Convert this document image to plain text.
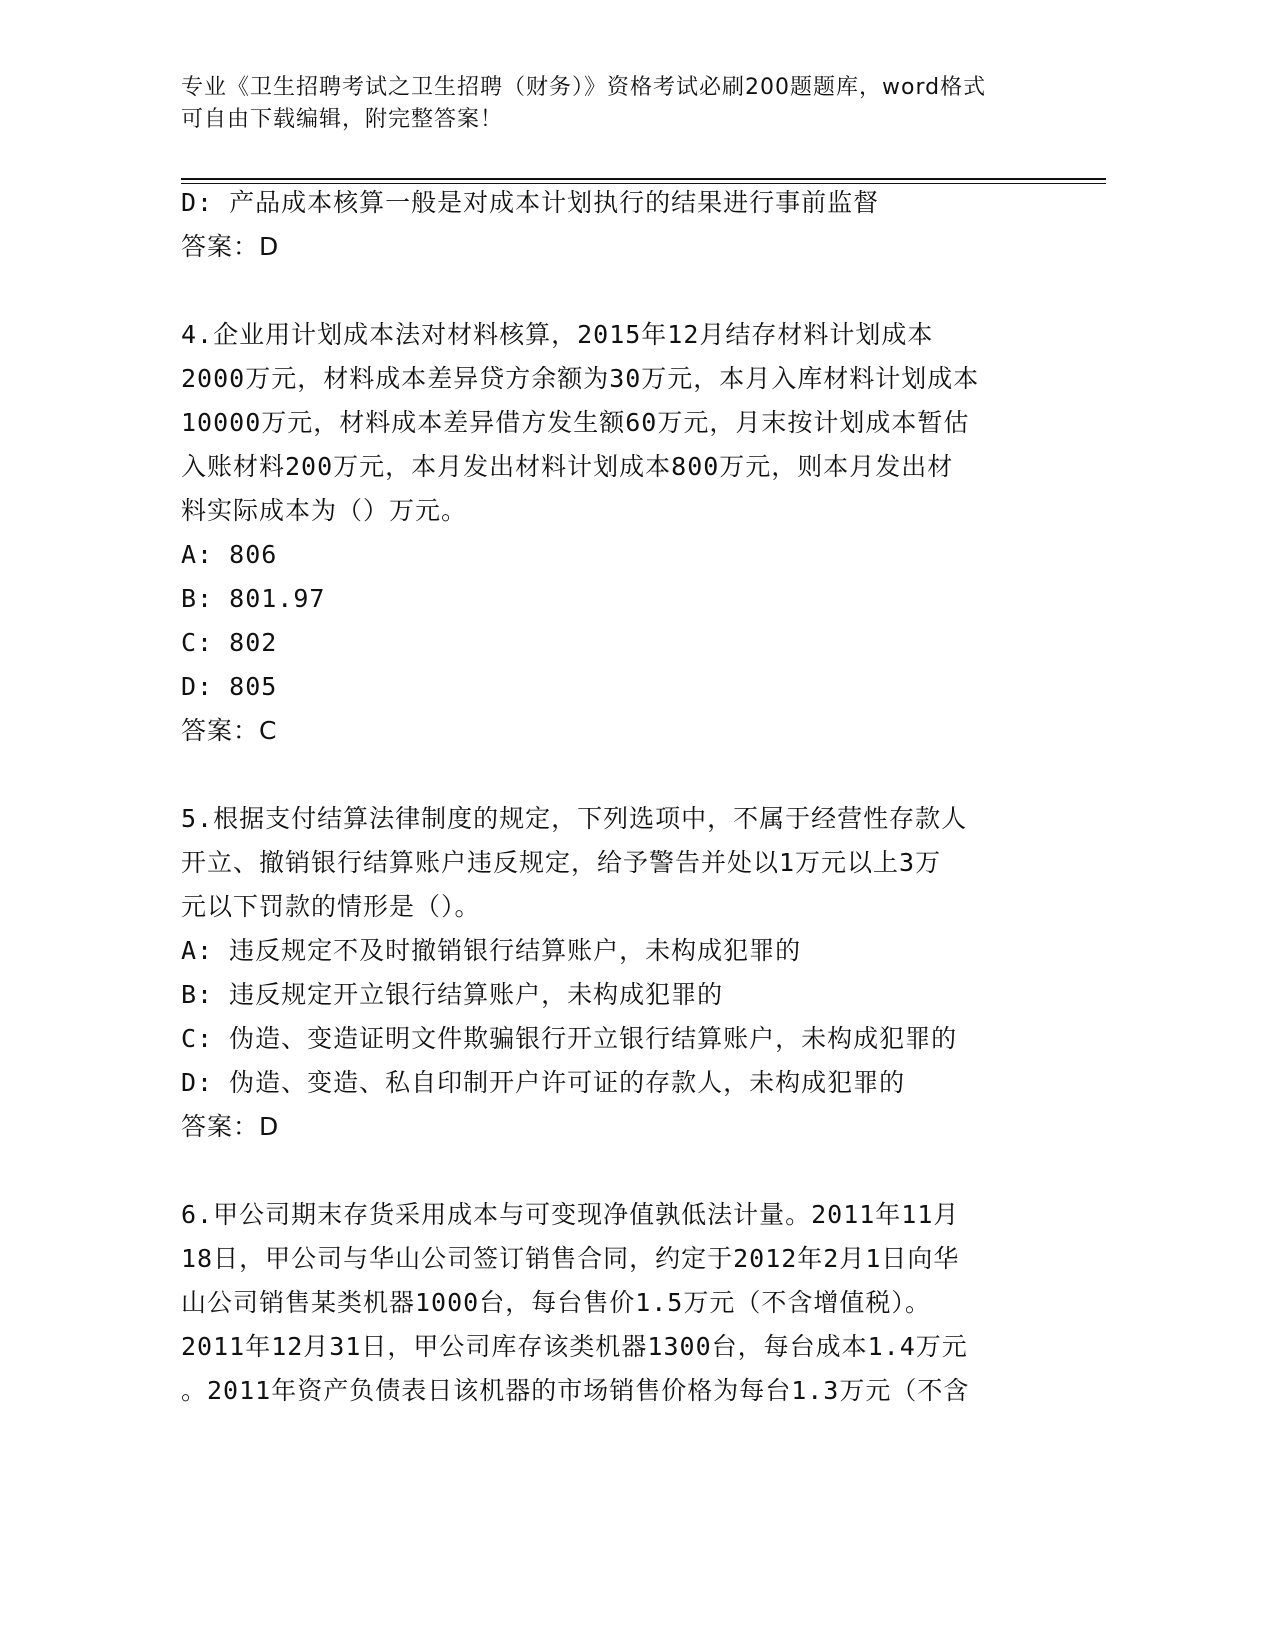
专业《卫生招聘考试之卫生招聘（财务）》资格考试必刷200题题库，word格式
可自由下载编辑，附完整答案！
D: 产品成本核算一般是对成本计划执行的结果进行事前监督
答案：D
4.企业用计划成本法对材料核算，2015年12月结存材料计划成本
2000万元，材料成本差异贷方余额为30万元，本月入库材料计划成本
10000万元，材料成本差异借方发生额60万元，月末按计划成本暂估
入账材料200万元，本月发出材料计划成本800万元，则本月发出材
料实际成本为（）万元。
A: 806
B: 801.97
C: 802
D: 805
答案：C
5.根据支付结算法律制度的规定，下列选项中，不属于经营性存款人
开立、撤销银行结算账户违反规定，给予警告并处以1万元以上3万
元以下罚款的情形是（）。
A: 违反规定不及时撤销银行结算账户，未构成犯罪的
B: 违反规定开立银行结算账户，未构成犯罪的
C: 伪造、变造证明文件欺骗银行开立银行结算账户，未构成犯罪的
D: 伪造、变造、私自印制开户许可证的存款人，未构成犯罪的
答案：D
6.甲公司期末存货采用成本与可变现净值孰低法计量。2011年11月
18日，甲公司与华山公司签订销售合同，约定于2012年2月1日向华
山公司销售某类机器1000台，每台售价1.5万元（不含增值税）。
2011年12月31日，甲公司库存该类机器1300台，每台成本1.4万元
。2011年资产负债表日该机器的市场销售价格为每台1.3万元（不含
